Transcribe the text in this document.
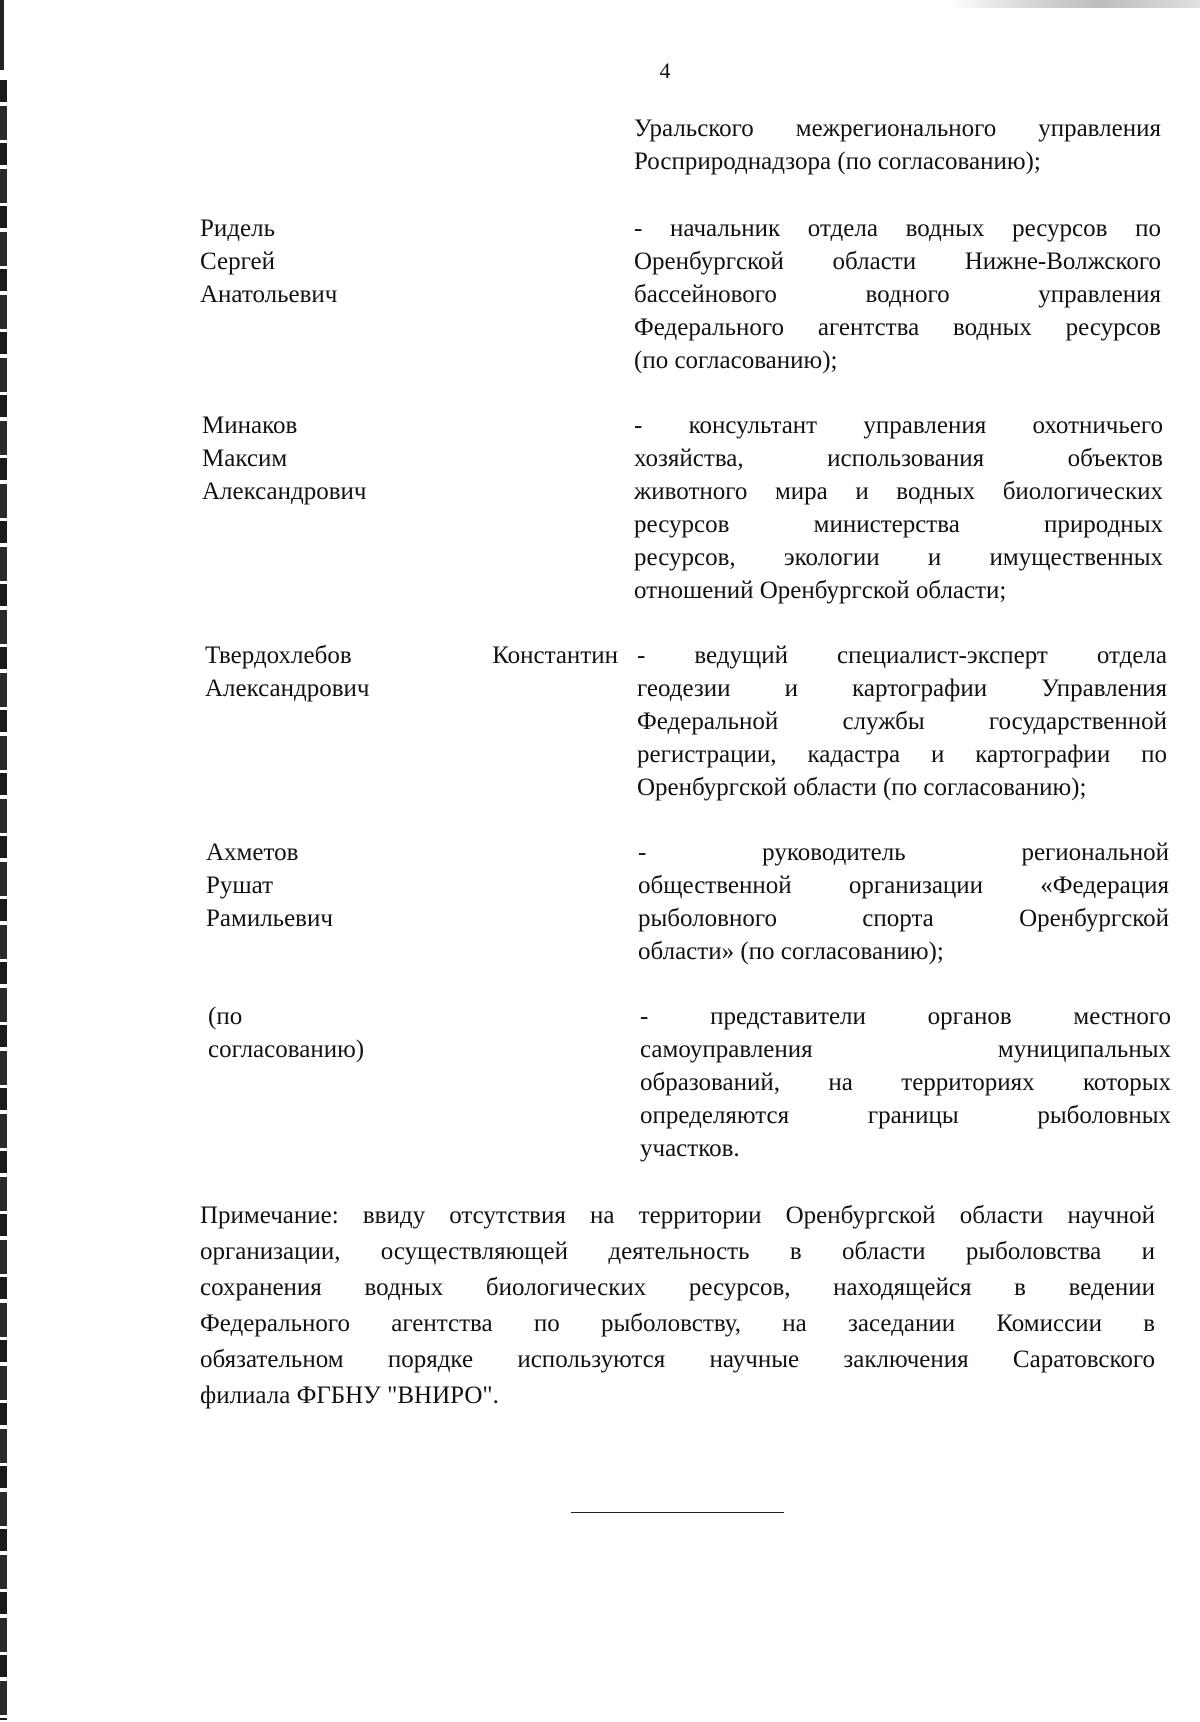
4
Уральского межрегионального управления
Росприроднадзора (по согласованию);
Ридель Сергей Анатольевич
- начальник отдела водных ресурсов по
Оренбургской области Нижне-Волжского
бассейнового водного управления
Федерального агентства водных ресурсов
(по согласованию);
Минаков Максим Александрович
- консультант управления охотничьего
хозяйства, использования объектов
животного мира и водных биологических
ресурсов министерства природных
ресурсов, экологии и имущественных
отношений Оренбургской области;
Твердохлебов	Константин
Александрович
- ведущий специалист-эксперт отдела
геодезии и картографии Управления
Федеральной службы государственной
регистрации, кадастра и картографии по
Оренбургской области (по согласованию);
Ахметов Рушат Рамильевич
- руководитель региональной
общественной организации «Федерация
рыболовного спорта Оренбургской
области» (по согласованию);
(по согласованию)
- представители органов местного
самоуправления муниципальных
образований, на территориях которых
определяются границы рыболовных
участков.
Примечание: ввиду отсутствия на территории Оренбургской области научной
организации, осуществляющей деятельность в области рыболовства и
сохранения водных биологических ресурсов, находящейся в ведении
Федерального агентства по рыболовству, на заседании Комиссии в
обязательном порядке используются научные заключения Саратовского
филиала ФГБНУ "ВНИРО".
